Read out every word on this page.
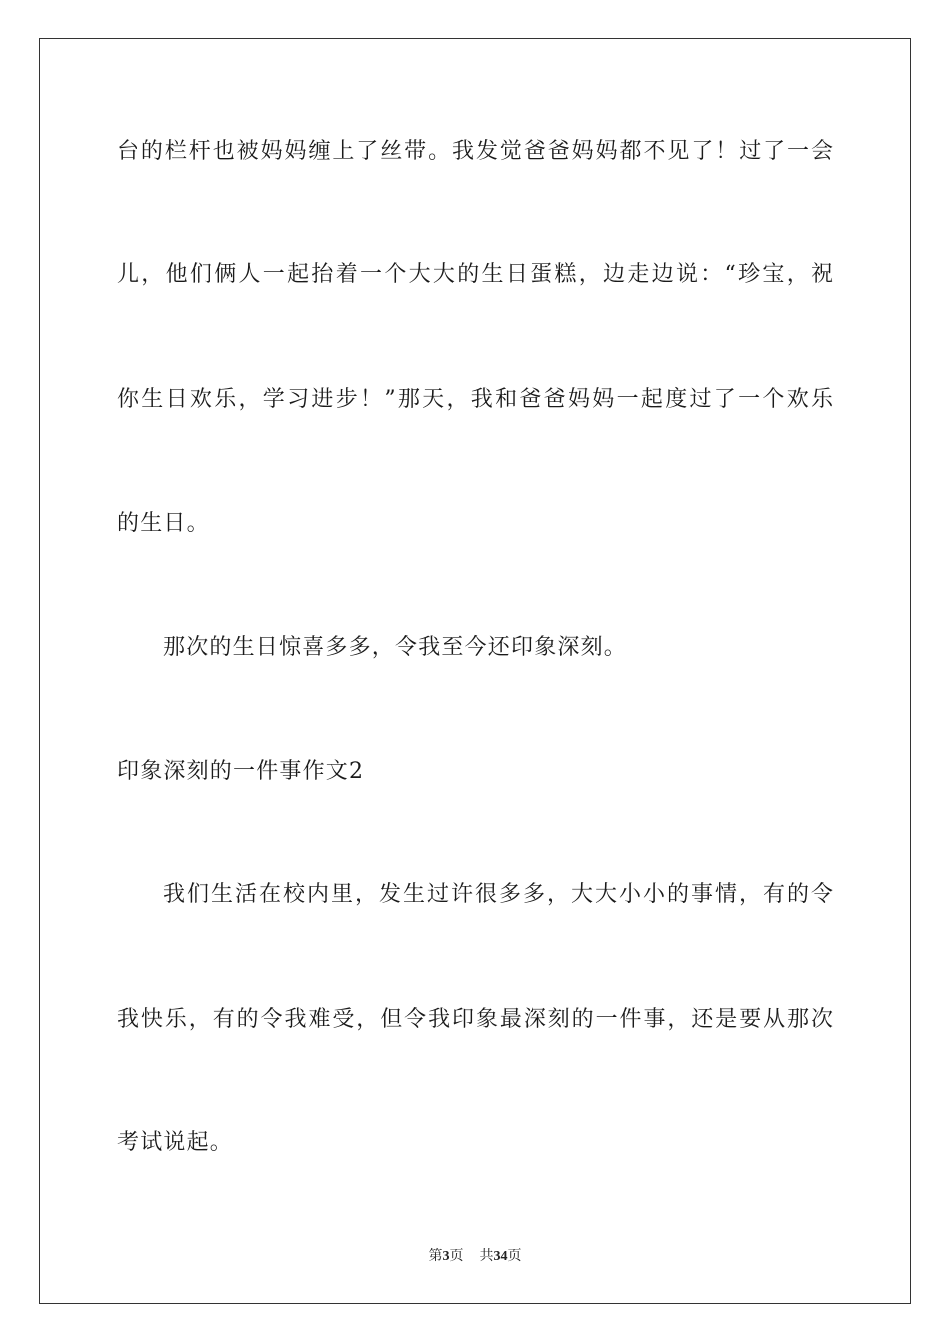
台的栏杆也被妈妈缠上了丝带。我发觉爸爸妈妈都不见了！过了一会
儿，他们俩人一起抬着一个大大的生日蛋糕，边走边说：“珍宝，祝
你生日欢乐，学习进步！”那天，我和爸爸妈妈一起度过了一个欢乐
的生日。
那次的生日惊喜多多，令我至今还印象深刻。
印象深刻的一件事作文2
我们生活在校内里，发生过许很多多，大大小小的事情，有的令
我快乐，有的令我难受，但令我印象最深刻的一件事，还是要从那次
考试说起。
第3页 共34页
